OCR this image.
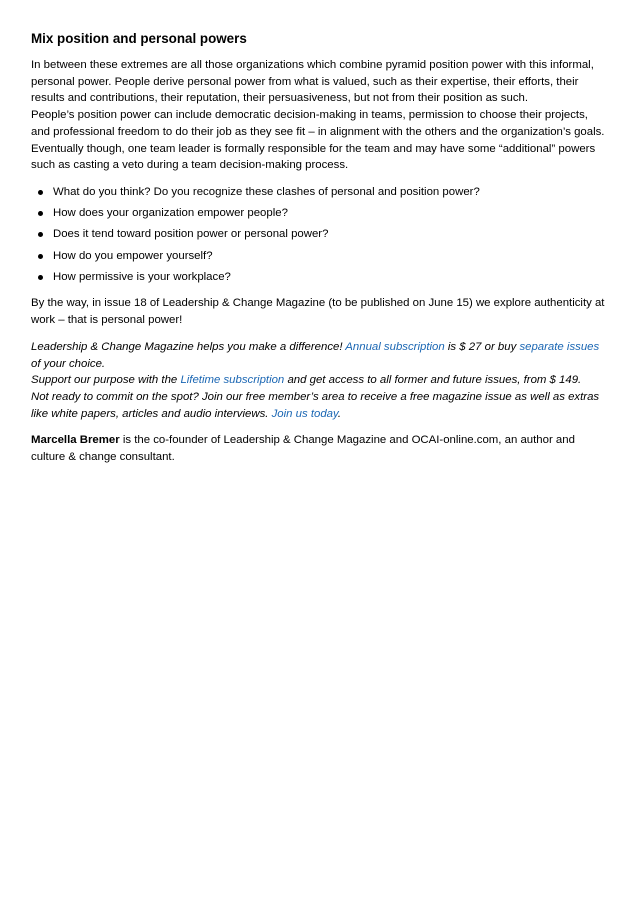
Mix position and personal powers

In between these extremes are all those organizations which combine pyramid position power with this informal,

personal power. People derive personal power from what is valued, such as their expertise, their efforts, their

results and contributions, their reputation, their persuasiveness, but not from their position as such.

People’s position power can include democratic decision-making in teams, permission to choose their projects,

and professional freedom to do their job as they see fit – in alignment with the others and the organization’s goals.

Eventually though, one team leader is formally responsible for the team and may have some “additional” powers

such as casting a veto during a team decision-making process.

What do you think? Do you recognize these clashes of personal and position power?
How does your organization empower people?
Does it tend toward position power or personal power?
How do you empower yourself?
How permissive is your workplace?

By the way, in issue 18 of Leadership & Change Magazine (to be published on June 15) we explore authenticity at

work – that is personal power!

Leadership & Change Magazine helps you make a difference! Annual subscription is $ 27 or buy separate issues

of your choice.

Support our purpose with the Lifetime subscription and get access to all former and future issues, from $ 149.

Not ready to commit on the spot? Join our free member’s area to receive a free magazine issue as well as extras

like white papers, articles and audio interviews. Join us today.

Marcella Bremer is the co-founder of Leadership & Change Magazine and OCAI-online.com, an author and

culture & change consultant.
